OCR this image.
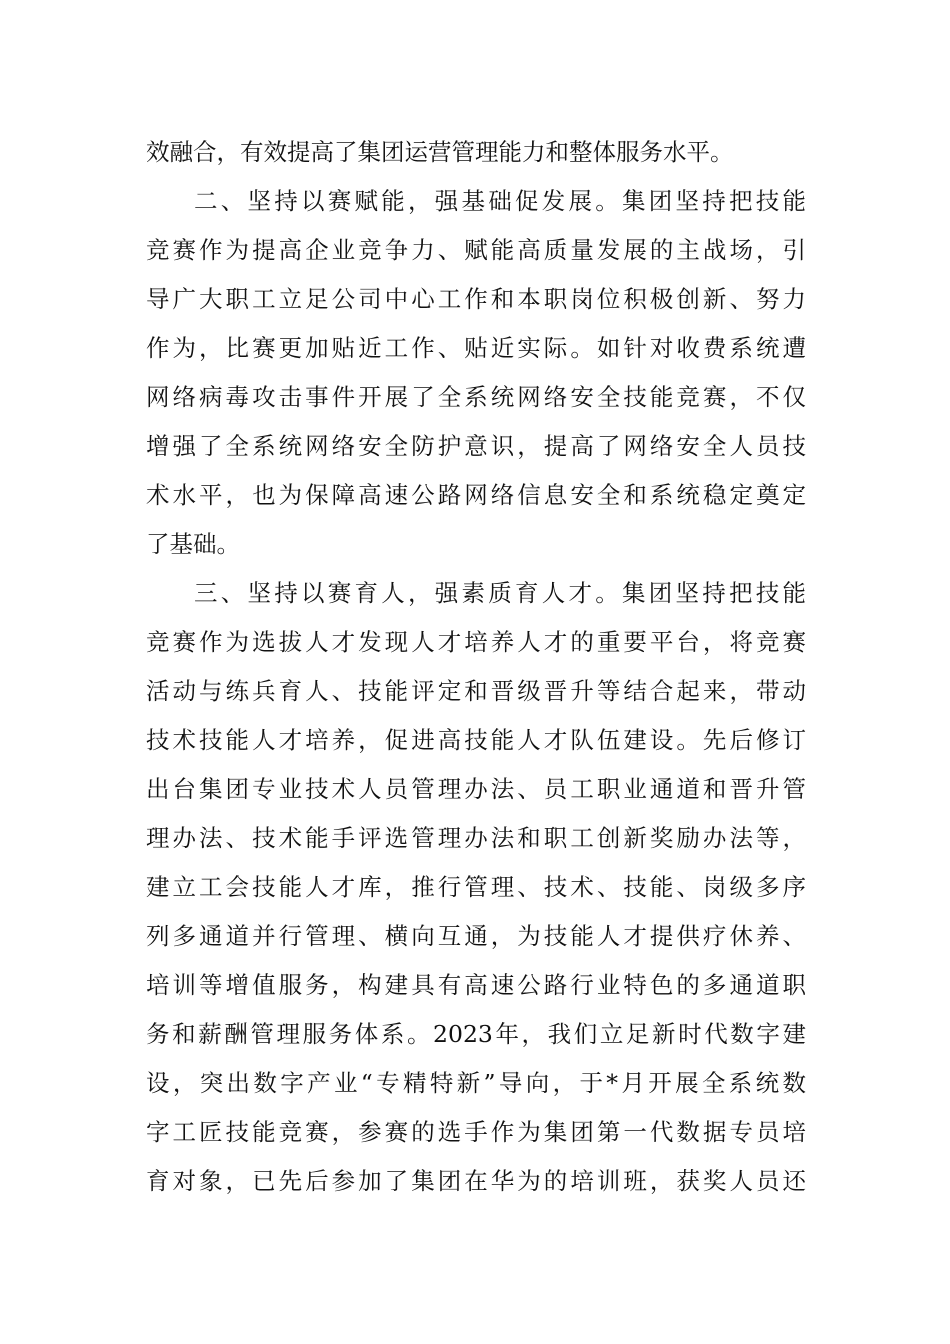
效融合，有效提高了集团运营管理能力和整体服务水平。
二、坚持以赛赋能，强基础促发展。集团坚持把技能
竞赛作为提高企业竞争力、赋能高质量发展的主战场，引
导广大职工立足公司中心工作和本职岗位积极创新、努力
作为，比赛更加贴近工作、贴近实际。如针对收费系统遭
网络病毒攻击事件开展了全系统网络安全技能竞赛，不仅
增强了全系统网络安全防护意识，提高了网络安全人员技
术水平，也为保障高速公路网络信息安全和系统稳定奠定
了基础。
三、坚持以赛育人，强素质育人才。集团坚持把技能
竞赛作为选拔人才发现人才培养人才的重要平台，将竞赛
活动与练兵育人、技能评定和晋级晋升等结合起来，带动
技术技能人才培养，促进高技能人才队伍建设。先后修订
出台集团专业技术人员管理办法、员工职业通道和晋升管
理办法、技术能手评选管理办法和职工创新奖励办法等，
建立工会技能人才库，推行管理、技术、技能、岗级多序
列多通道并行管理、横向互通，为技能人才提供疗休养、
培训等增值服务，构建具有高速公路行业特色的多通道职
务和薪酬管理服务体系。2023年，我们立足新时代数字建
设，突出数字产业“专精特新”导向，于*月开展全系统数
字工匠技能竞赛，参赛的选手作为集团第一代数据专员培
育对象，已先后参加了集团在华为的培训班，获奖人员还
